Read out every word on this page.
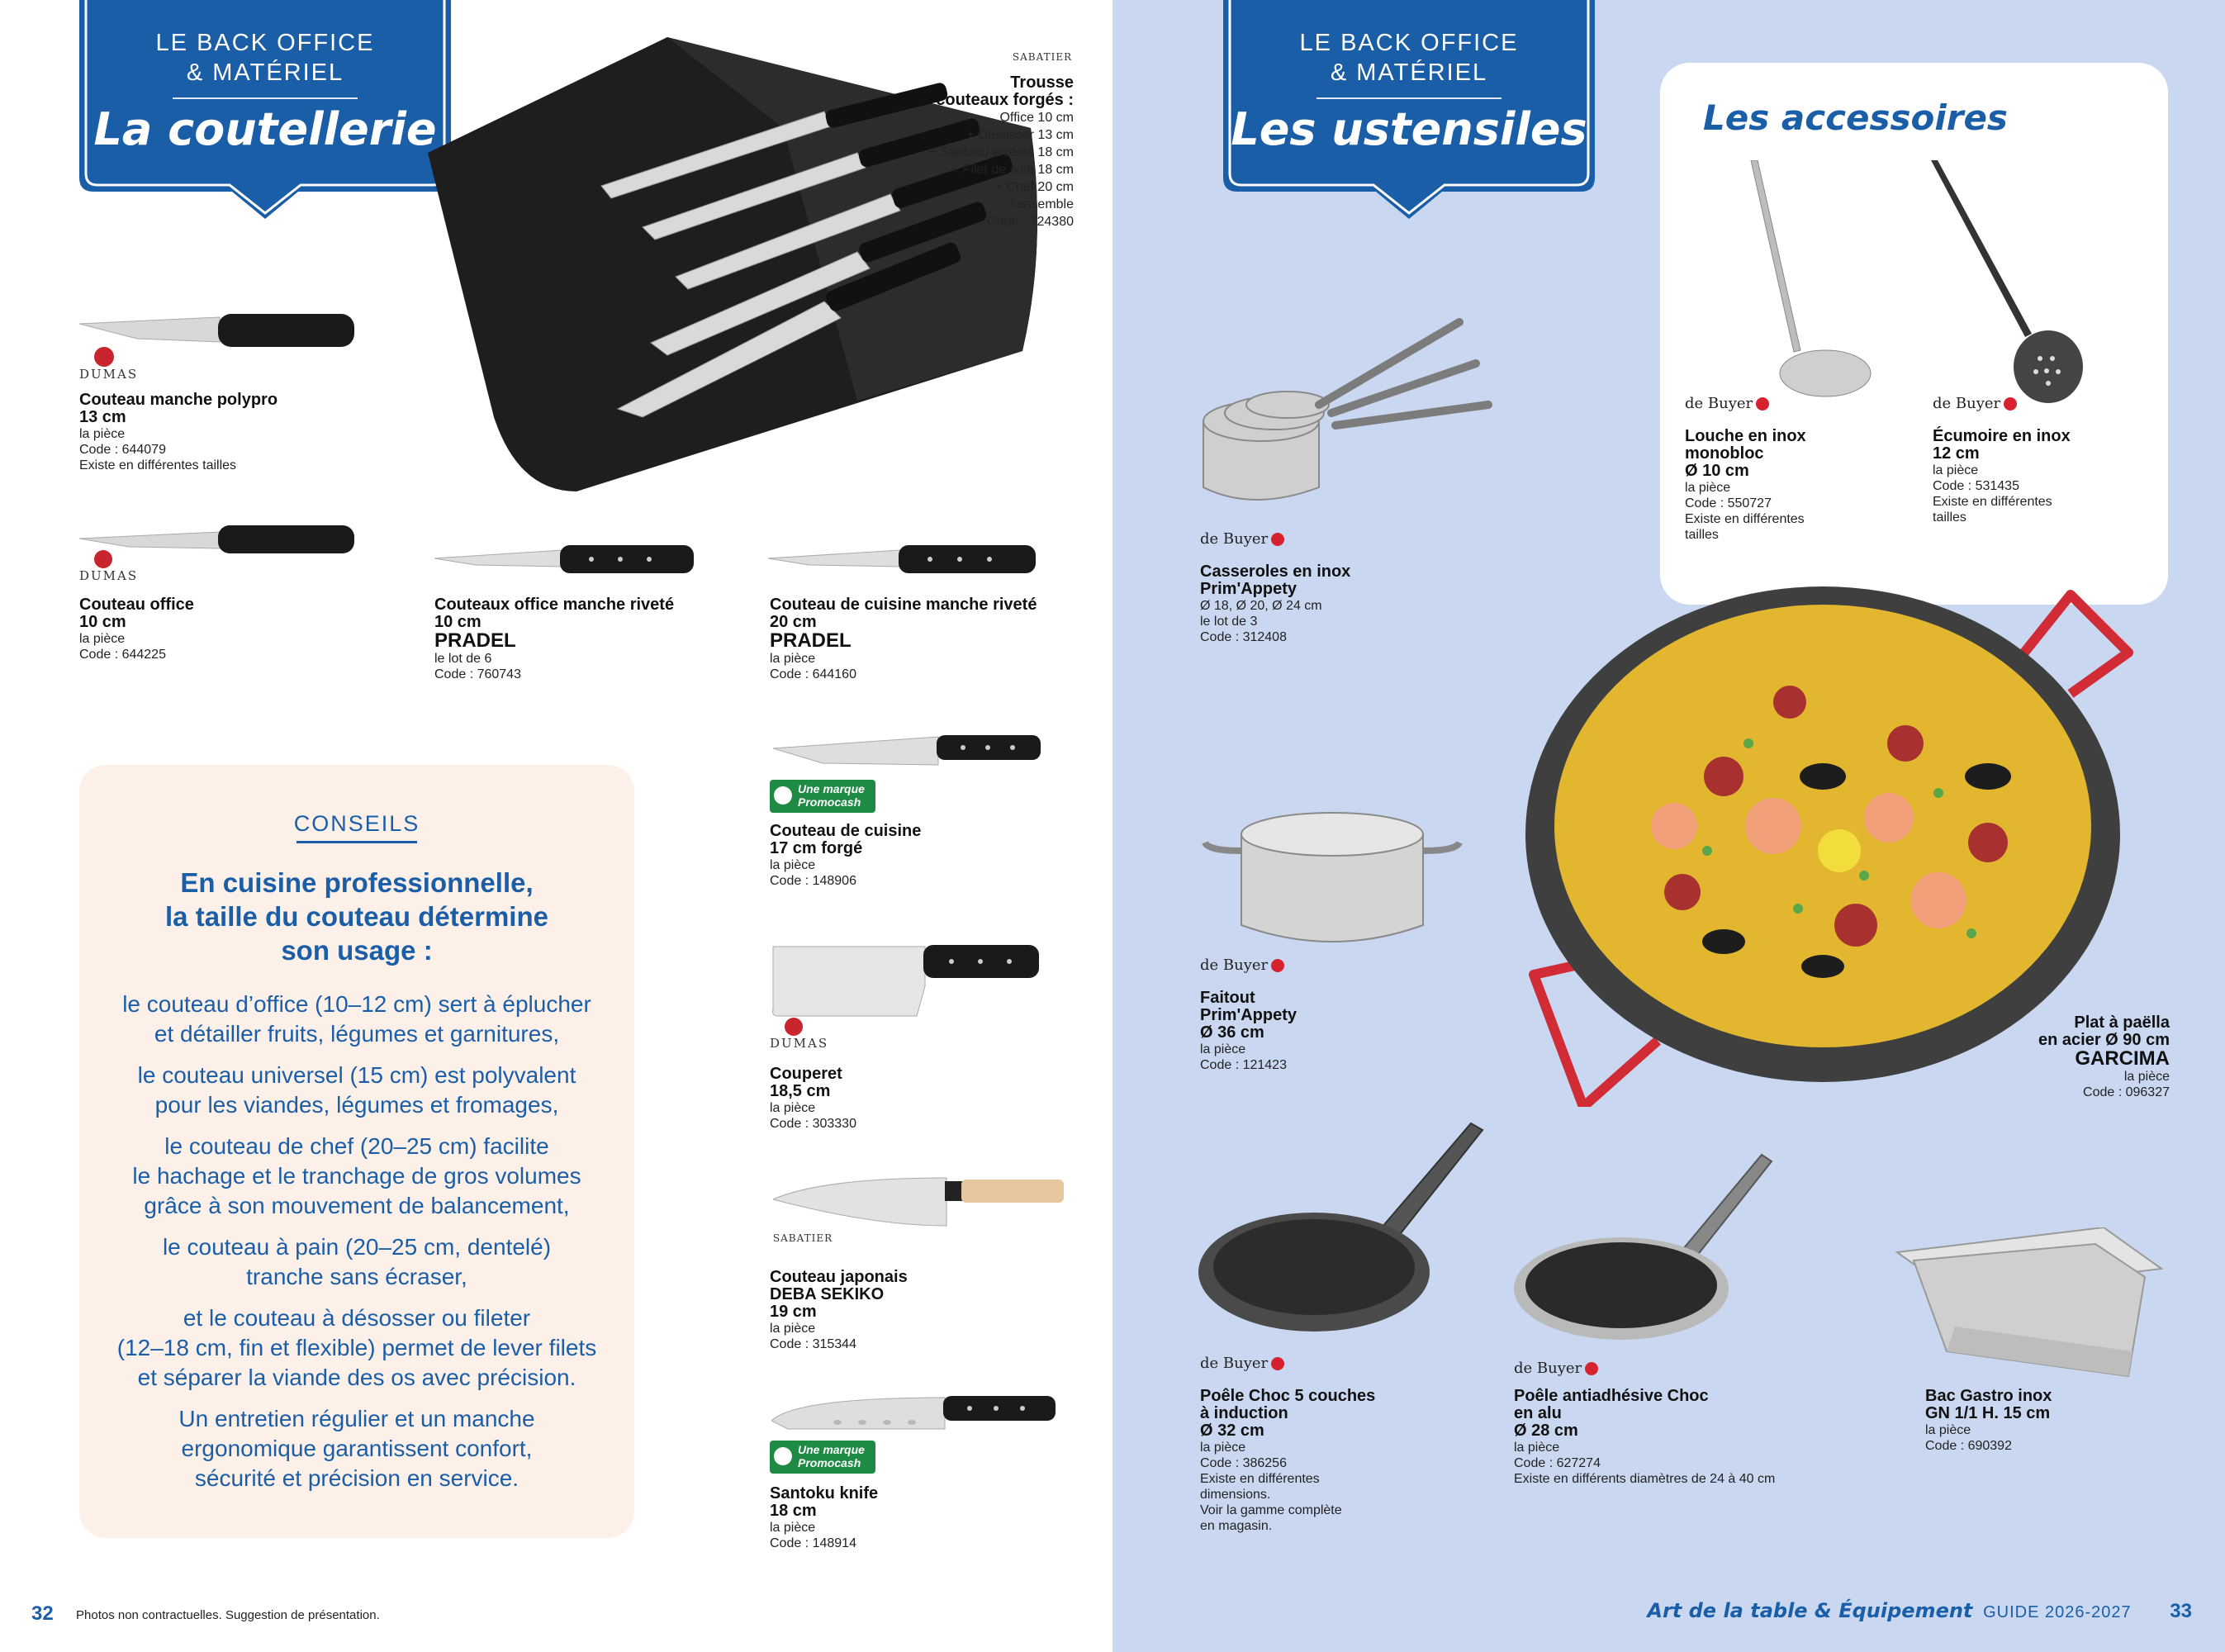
LE BACK OFFICE
& MATÉRIEL
La coutellerie
SABATIER
Trousse
de 5 couteaux forgés :
Office 10 cm
+ Désosser 13 cm
+ Santoku alvéolé 18 cm
+ Filet de sole 18 cm
+ Chef 20 cm
l'ensemble
Code : 724380
DUMAS
Couteau manche polypro
13 cm
la pièce
Code : 644079
Existe en différentes tailles
DUMAS
Couteau office
10 cm
la pièce
Code : 644225
Couteaux office manche riveté
10 cm
PRADEL
le lot de 6
Code : 760743
Couteau de cuisine manche riveté
20 cm
PRADEL
la pièce
Code : 644160
Une marque
Promocash
Couteau de cuisine
17 cm forgé
la pièce
Code : 148906
DUMAS
Couperet
18,5 cm
la pièce
Code : 303330
SABATIER
Couteau japonais
DEBA SEKIKO
19 cm
la pièce
Code : 315344
Une marque
Promocash
Santoku knife
18 cm
la pièce
Code : 148914
CONSEILS
En cuisine professionnelle,
la taille du couteau détermine
son usage :
le couteau d’office (10–12 cm) sert à éplucher
et détailler fruits, légumes et garnitures,
le couteau universel (15 cm) est polyvalent
pour les viandes, légumes et fromages,
le couteau de chef (20–25 cm) facilite
le hachage et le tranchage de gros volumes
grâce à son mouvement de balancement,
le couteau à pain (20–25 cm, dentelé)
tranche sans écraser,
et le couteau à désosser ou fileter
(12–18 cm, fin et flexible) permet de lever filets
et séparer la viande des os avec précision.
Un entretien régulier et un manche
ergonomique garantissent confort,
sécurité et précision en service.
32 Photos non contractuelles. Suggestion de présentation.
LE BACK OFFICE
& MATÉRIEL
Les ustensiles	Les accessoires
de Buyer
Louche en inox
monobloc
Ø 10 cm
la pièce
Code : 550727
Existe en différentes
tailles
de Buyer
Écumoire en inox
12 cm
la pièce
Code : 531435
Existe en différentes
tailles
de Buyer
Casseroles en inox
Prim'Appety
Ø 18, Ø 20, Ø 24 cm
le lot de 3
Code : 312408
de Buyer
Faitout
Prim'Appety
Ø 36 cm
la pièce
Code : 121423
Plat à paëlla
en acier Ø 90 cm
GARCIMA
la pièce
Code : 096327
de Buyer
Poêle Choc 5 couches
à induction
Ø 32 cm
la pièce
Code : 386256
Existe en différentes
dimensions.
Voir la gamme complète
en magasin.
de Buyer
Poêle antiadhésive Choc
en alu
Ø 28 cm
la pièce
Code : 627274
Existe en différents diamètres de 24 à 40 cm
Bac Gastro inox
GN 1/1 H. 15 cm
la pièce
Code : 690392
Art de la table & Équipement GUIDE 2026-2027 33
